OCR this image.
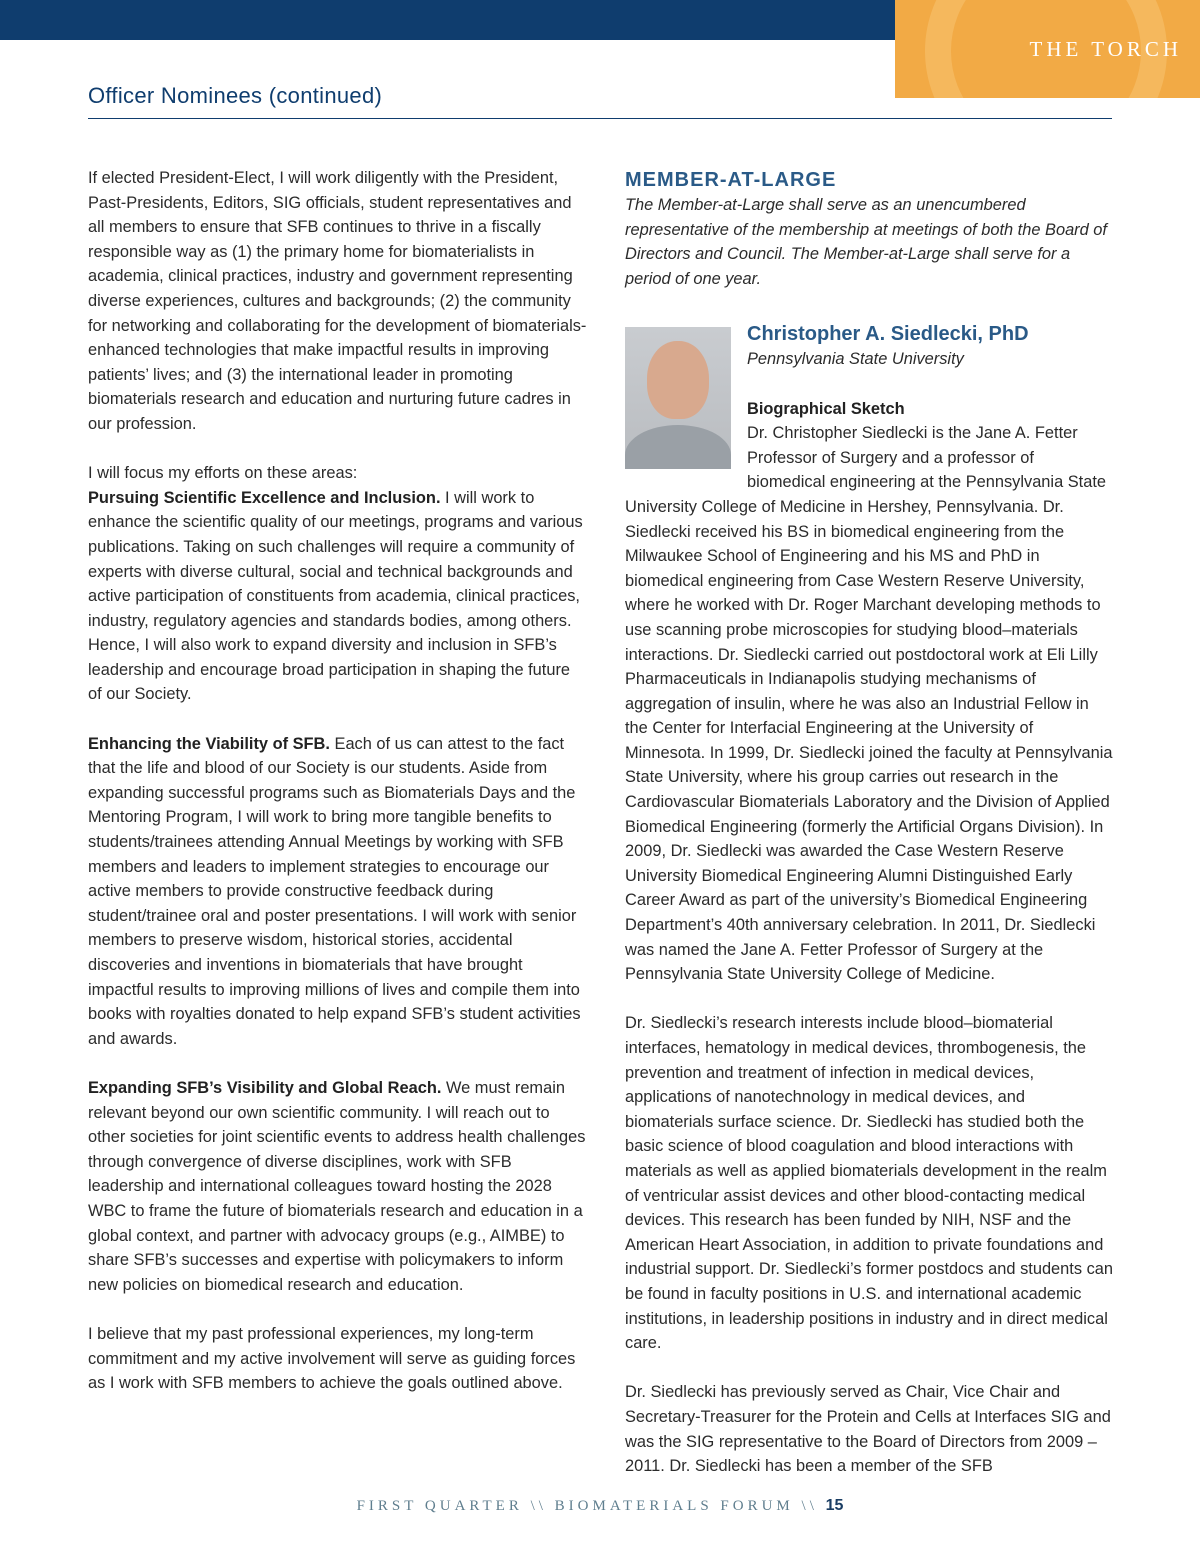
THE TORCH
Officer Nominees (continued)

If elected President-Elect, I will work diligently with the President, Past-Presidents, Editors, SIG officials, student representatives and all members to ensure that SFB continues to thrive in a fiscally responsible way as (1) the primary home for biomaterialists in academia, clinical practices, industry and government representing diverse experiences, cultures and backgrounds; (2) the community for networking and collaborating for the development of biomaterials-enhanced technologies that make impactful results in improving patients’ lives; and (3) the international leader in promoting biomaterials research and education and nurturing future cadres in our profession.

I will focus my efforts on these areas:

Pursuing Scientific Excellence and Inclusion. I will work to enhance the scientific quality of our meetings, programs and various publications. Taking on such challenges will require a community of experts with diverse cultural, social and technical backgrounds and active participation of constituents from academia, clinical practices, industry, regulatory agencies and standards bodies, among others. Hence, I will also work to expand diversity and inclusion in SFB’s leadership and encourage broad participation in shaping the future of our Society.

Enhancing the Viability of SFB. Each of us can attest to the fact that the life and blood of our Society is our students. Aside from expanding successful programs such as Biomaterials Days and the Mentoring Program, I will work to bring more tangible benefits to students/trainees attending Annual Meetings by working with SFB members and leaders to implement strategies to encourage our active members to provide constructive feedback during student/trainee oral and poster presentations. I will work with senior members to preserve wisdom, historical stories, accidental discoveries and inventions in biomaterials that have brought impactful results to improving millions of lives and compile them into books with royalties donated to help expand SFB’s student activities and awards.

Expanding SFB’s Visibility and Global Reach. We must remain relevant beyond our own scientific community. I will reach out to other societies for joint scientific events to address health challenges through convergence of diverse disciplines, work with SFB leadership and international colleagues toward hosting the 2028 WBC to frame the future of biomaterials research and education in a global context, and partner with advocacy groups (e.g., AIMBE) to share SFB’s successes and expertise with policymakers to inform new policies on biomedical research and education.

I believe that my past professional experiences, my long-term commitment and my active involvement will serve as guiding forces as I work with SFB members to achieve the goals outlined above.

MEMBER-AT-LARGE

The Member-at-Large shall serve as an unencumbered representative of the membership at meetings of both the Board of Directors and Council. The Member-at-Large shall serve for a period of one year.

Christopher A. Siedlecki, PhD

Pennsylvania State University

Biographical Sketch

Dr. Christopher Siedlecki is the Jane A. Fetter Professor of Surgery and a professor of biomedical engineering at the Pennsylvania State University College of Medicine in Hershey, Pennsylvania. Dr. Siedlecki received his BS in biomedical engineering from the Milwaukee School of Engineering and his MS and PhD in biomedical engineering from Case Western Reserve University, where he worked with Dr. Roger Marchant developing methods to use scanning probe microscopies for studying blood–materials interactions. Dr. Siedlecki carried out postdoctoral work at Eli Lilly Pharmaceuticals in Indianapolis studying mechanisms of aggregation of insulin, where he was also an Industrial Fellow in the Center for Interfacial Engineering at the University of Minnesota. In 1999, Dr. Siedlecki joined the faculty at Pennsylvania State University, where his group carries out research in the Cardiovascular Biomaterials Laboratory and the Division of Applied Biomedical Engineering (formerly the Artificial Organs Division). In 2009, Dr. Siedlecki was awarded the Case Western Reserve University Biomedical Engineering Alumni Distinguished Early Career Award as part of the university’s Biomedical Engineering Department’s 40th anniversary celebration. In 2011, Dr. Siedlecki was named the Jane A. Fetter Professor of Surgery at the Pennsylvania State University College of Medicine.

Dr. Siedlecki’s research interests include blood–biomaterial interfaces, hematology in medical devices, thrombogenesis, the prevention and treatment of infection in medical devices, applications of nanotechnology in medical devices, and biomaterials surface science. Dr. Siedlecki has studied both the basic science of blood coagulation and blood interactions with materials as well as applied biomaterials development in the realm of ventricular assist devices and other blood-contacting medical devices. This research has been funded by NIH, NSF and the American Heart Association, in addition to private foundations and industrial support. Dr. Siedlecki’s former postdocs and students can be found in faculty positions in U.S. and international academic institutions, in leadership positions in industry and in direct medical care.

Dr. Siedlecki has previously served as Chair, Vice Chair and Secretary-Treasurer for the Protein and Cells at Interfaces SIG and was the SIG representative to the Board of Directors from 2009 – 2011. Dr. Siedlecki has been a member of the SFB

FIRST QUARTER \\ BIOMATERIALS FORUM \\ 15
